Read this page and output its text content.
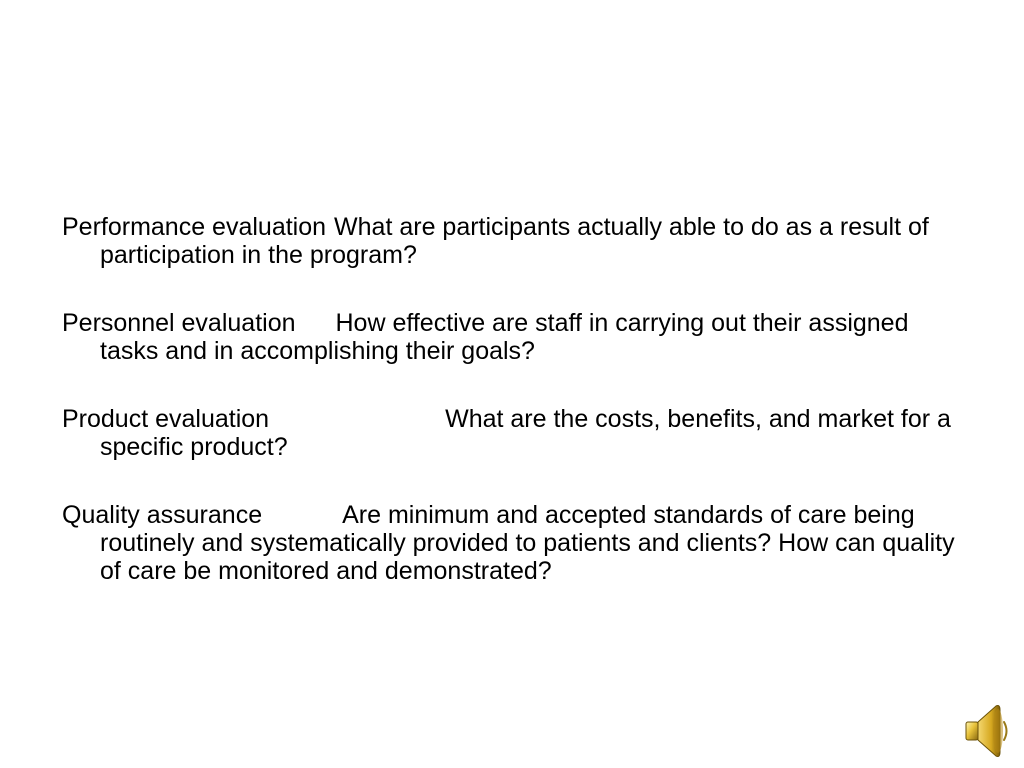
Performance evaluation What are participants actually able to do as a result of participation in the program?

Personnel evaluation How effective are staff in carrying out their assigned tasks and in accomplishing their goals?

Product evaluation	What are the costs, benefits, and market for a specific product?

Quality assurance	Are minimum and accepted standards of care being routinely and systematically provided to patients and clients? How can quality of care be monitored and demonstrated?
